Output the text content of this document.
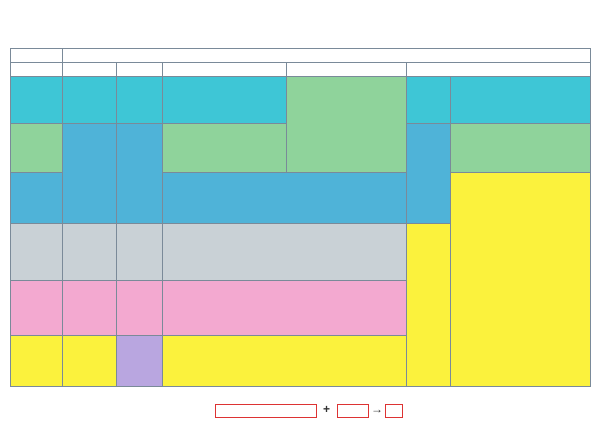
+	→
